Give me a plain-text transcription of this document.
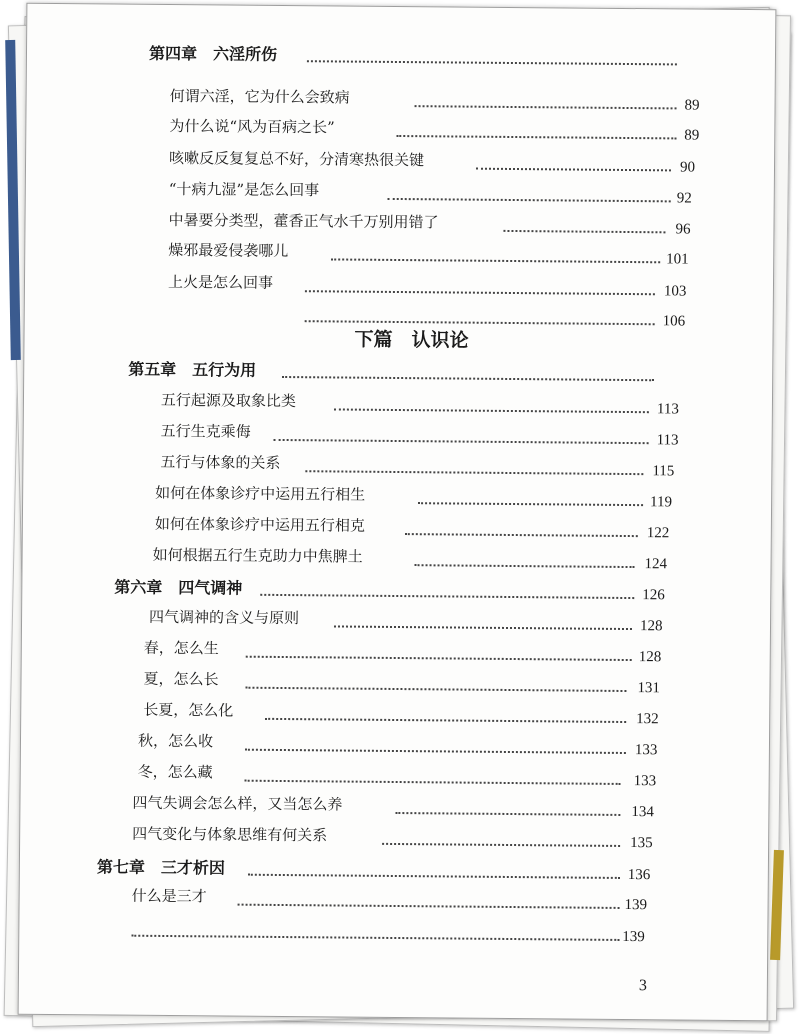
第四章　六淫所伤
何谓六淫，它为什么会致病	89
为什么说“风为百病之长”	89
咳嗽反反复复总不好，分清寒热很关键	90
“十病九湿”是怎么回事	92
中暑要分类型，藿香正气水千万别用错了	96
燥邪最爱侵袭哪儿	101
上火是怎么回事	103
106
第五章　五行为用
五行起源及取象比类	113
五行生克乘侮	113
五行与体象的关系	115
如何在体象诊疗中运用五行相生	119
如何在体象诊疗中运用五行相克	122
如何根据五行生克助力中焦脾土	124
第六章　四气调神	126
四气调神的含义与原则	128
春，怎么生	128
夏，怎么长	131
长夏，怎么化	132
秋，怎么收	133
冬，怎么藏	133
四气失调会怎么样，又当怎么养	134
四气变化与体象思维有何关系	135
第七章　三才析因	136
什么是三才	139
139
下篇　认识论
3
